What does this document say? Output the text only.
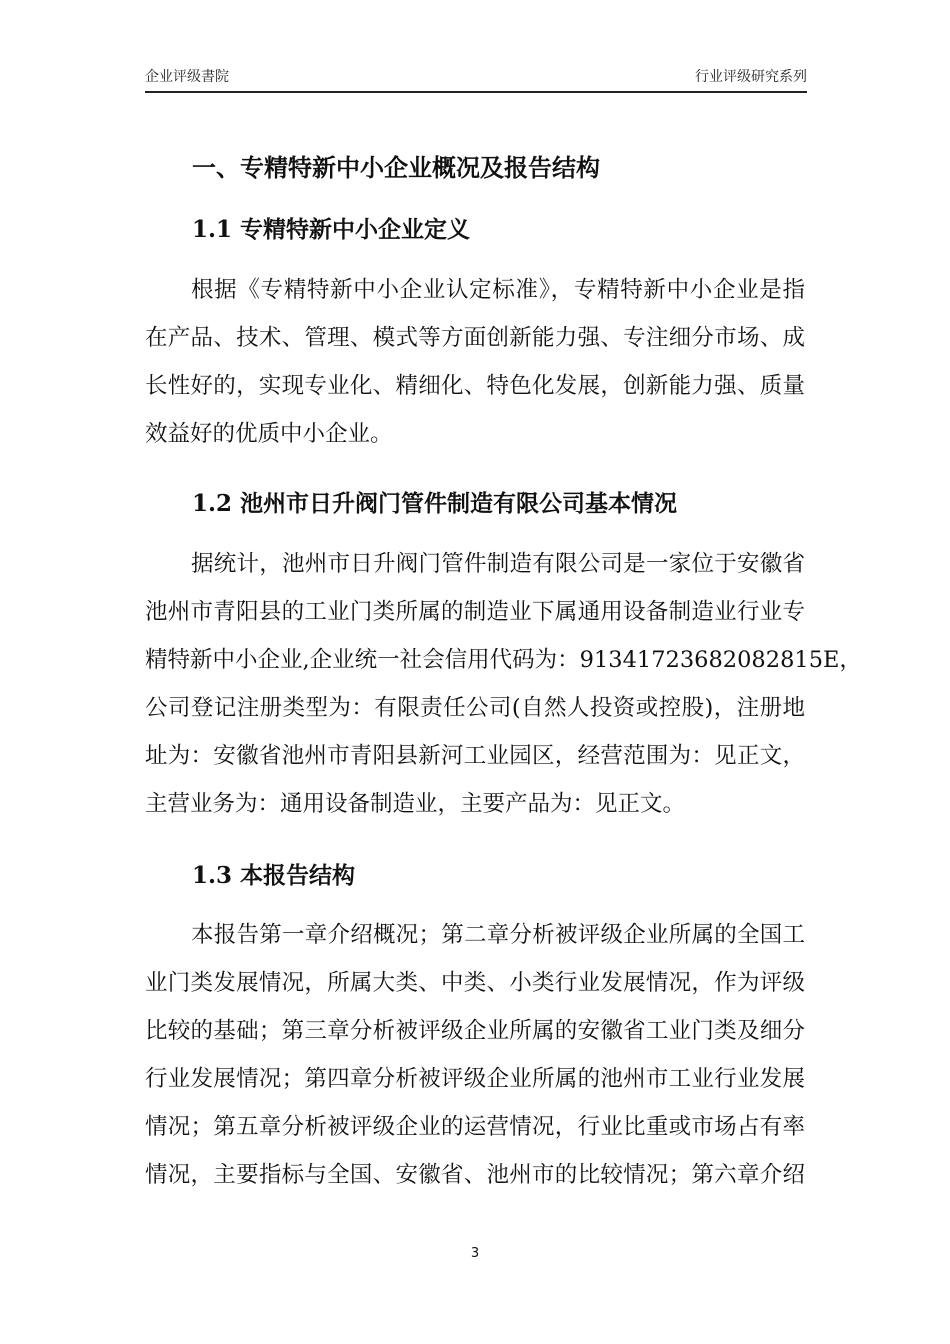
企业评级書院	行业评级研究系列
一、专精特新中小企业概况及报告结构
1.1 专精特新中小企业定义
根据《专精特新中小企业认定标准》，专精特新中小企业是指
在产品、技术、管理、模式等方面创新能力强、专注细分市场、成
长性好的，实现专业化、精细化、特色化发展，创新能力强、质量
效益好的优质中小企业。
1.2 池州市日升阀门管件制造有限公司基本情况
据统计，池州市日升阀门管件制造有限公司是一家位于安徽省
池州市青阳县的工业门类所属的制造业下属通用设备制造业行业专
精特新中小企业,企业统一社会信用代码为：91341723682082815E，
公司登记注册类型为：有限责任公司(自然人投资或控股)，注册地
址为：安徽省池州市青阳县新河工业园区，经营范围为：见正文，
主营业务为：通用设备制造业，主要产品为：见正文。
1.3 本报告结构
本报告第一章介绍概况；第二章分析被评级企业所属的全国工
业门类发展情况，所属大类、中类、小类行业发展情况，作为评级
比较的基础；第三章分析被评级企业所属的安徽省工业门类及细分
行业发展情况；第四章分析被评级企业所属的池州市工业行业发展
情况；第五章分析被评级企业的运营情况，行业比重或市场占有率
情况，主要指标与全国、安徽省、池州市的比较情况；第六章介绍
3
